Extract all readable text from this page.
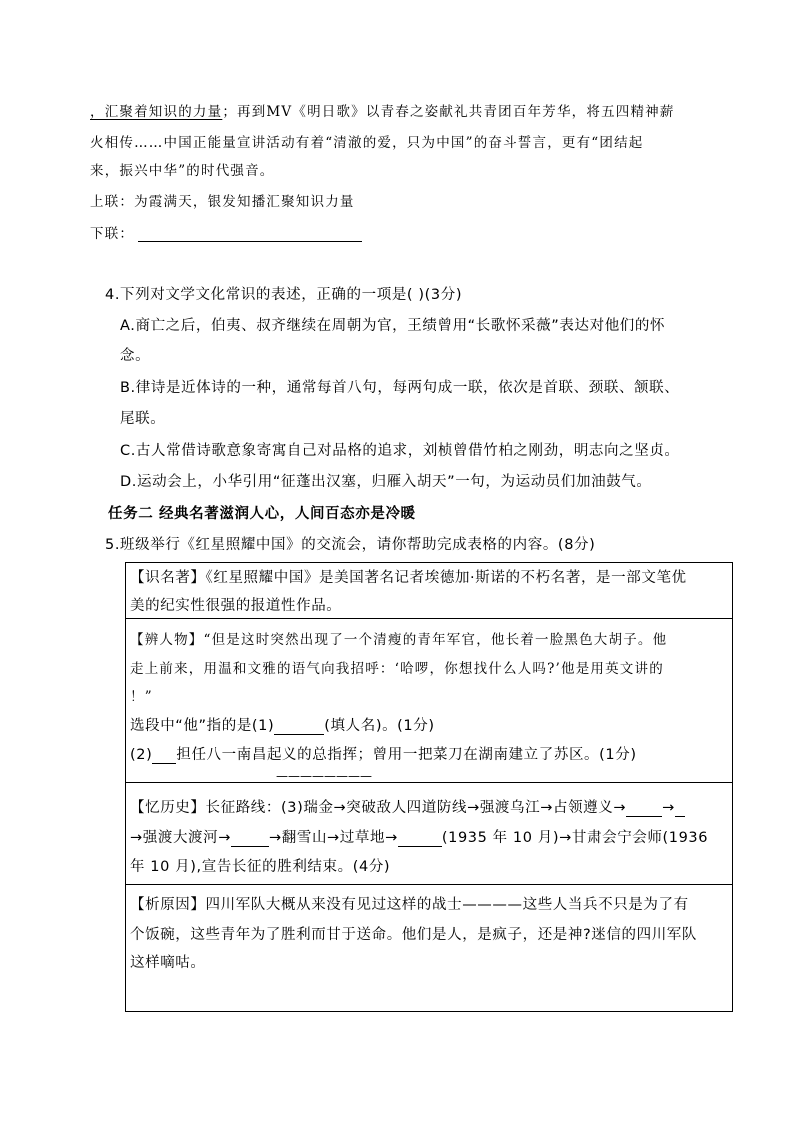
，汇聚着知识的力量；再到MV《明日歌》以青春之姿献礼共青团百年芳华，将五四精神薪
火相传……中国正能量宣讲活动有着“清澈的爱，只为中国”的奋斗誓言，更有“团结起
来，振兴中华”的时代强音。
上联：为霞满天，银发知播汇聚知识力量
下联：
4.下列对文学文化常识的表述，正确的一项是( )(3分)
A.商亡之后，伯夷、叔齐继续在周朝为官，王绩曾用“长歌怀采薇”表达对他们的怀
念。
B.律诗是近体诗的一种，通常每首八句，每两句成一联，依次是首联、颈联、颔联、
尾联。
C.古人常借诗歌意象寄寓自己对品格的追求，刘桢曾借竹柏之刚劲，明志向之坚贞。
D.运动会上，小华引用“征蓬出汉塞，归雁入胡天”一句，为运动员们加油鼓气。
任务二 经典名著滋润人心，人间百态亦是冷暖
5.班级举行《红星照耀中国》的交流会，请你帮助完成表格的内容。(8分)
【识名著】《红星照耀中国》是美国著名记者埃德加·斯诺的不朽名著，是一部文笔优
美的纪实性很强的报道性作品。
【辨人物】“但是这时突然出现了一个清瘦的青年军官，他长着一脸黑色大胡子。他
走上前来，用温和文雅的语气向我招呼：‘哈啰，你想找什么人吗?’他是用英文讲的
！”
选段中“他”指的是(1)	(填人名)。(1分)
(2) 担任八一南昌起义的总指挥；曾用一把菜刀在湖南建立了苏区。(1分)
————————
【忆历史】长征路线：(3)瑞金→突破敌人四道防线→强渡乌江→占领遵义→ →
→强渡大渡河→	→翻雪山→过草地→	(1935 年 10 月)→甘肃会宁会师(1936
年 10 月),宣告长征的胜利结束。(4分)
【析原因】四川军队大概从来没有见过这样的战士————这些人当兵不只是为了有
个饭碗，这些青年为了胜利而甘于送命。他们是人，是疯子，还是神?迷信的四川军队
这样嘀咕。
